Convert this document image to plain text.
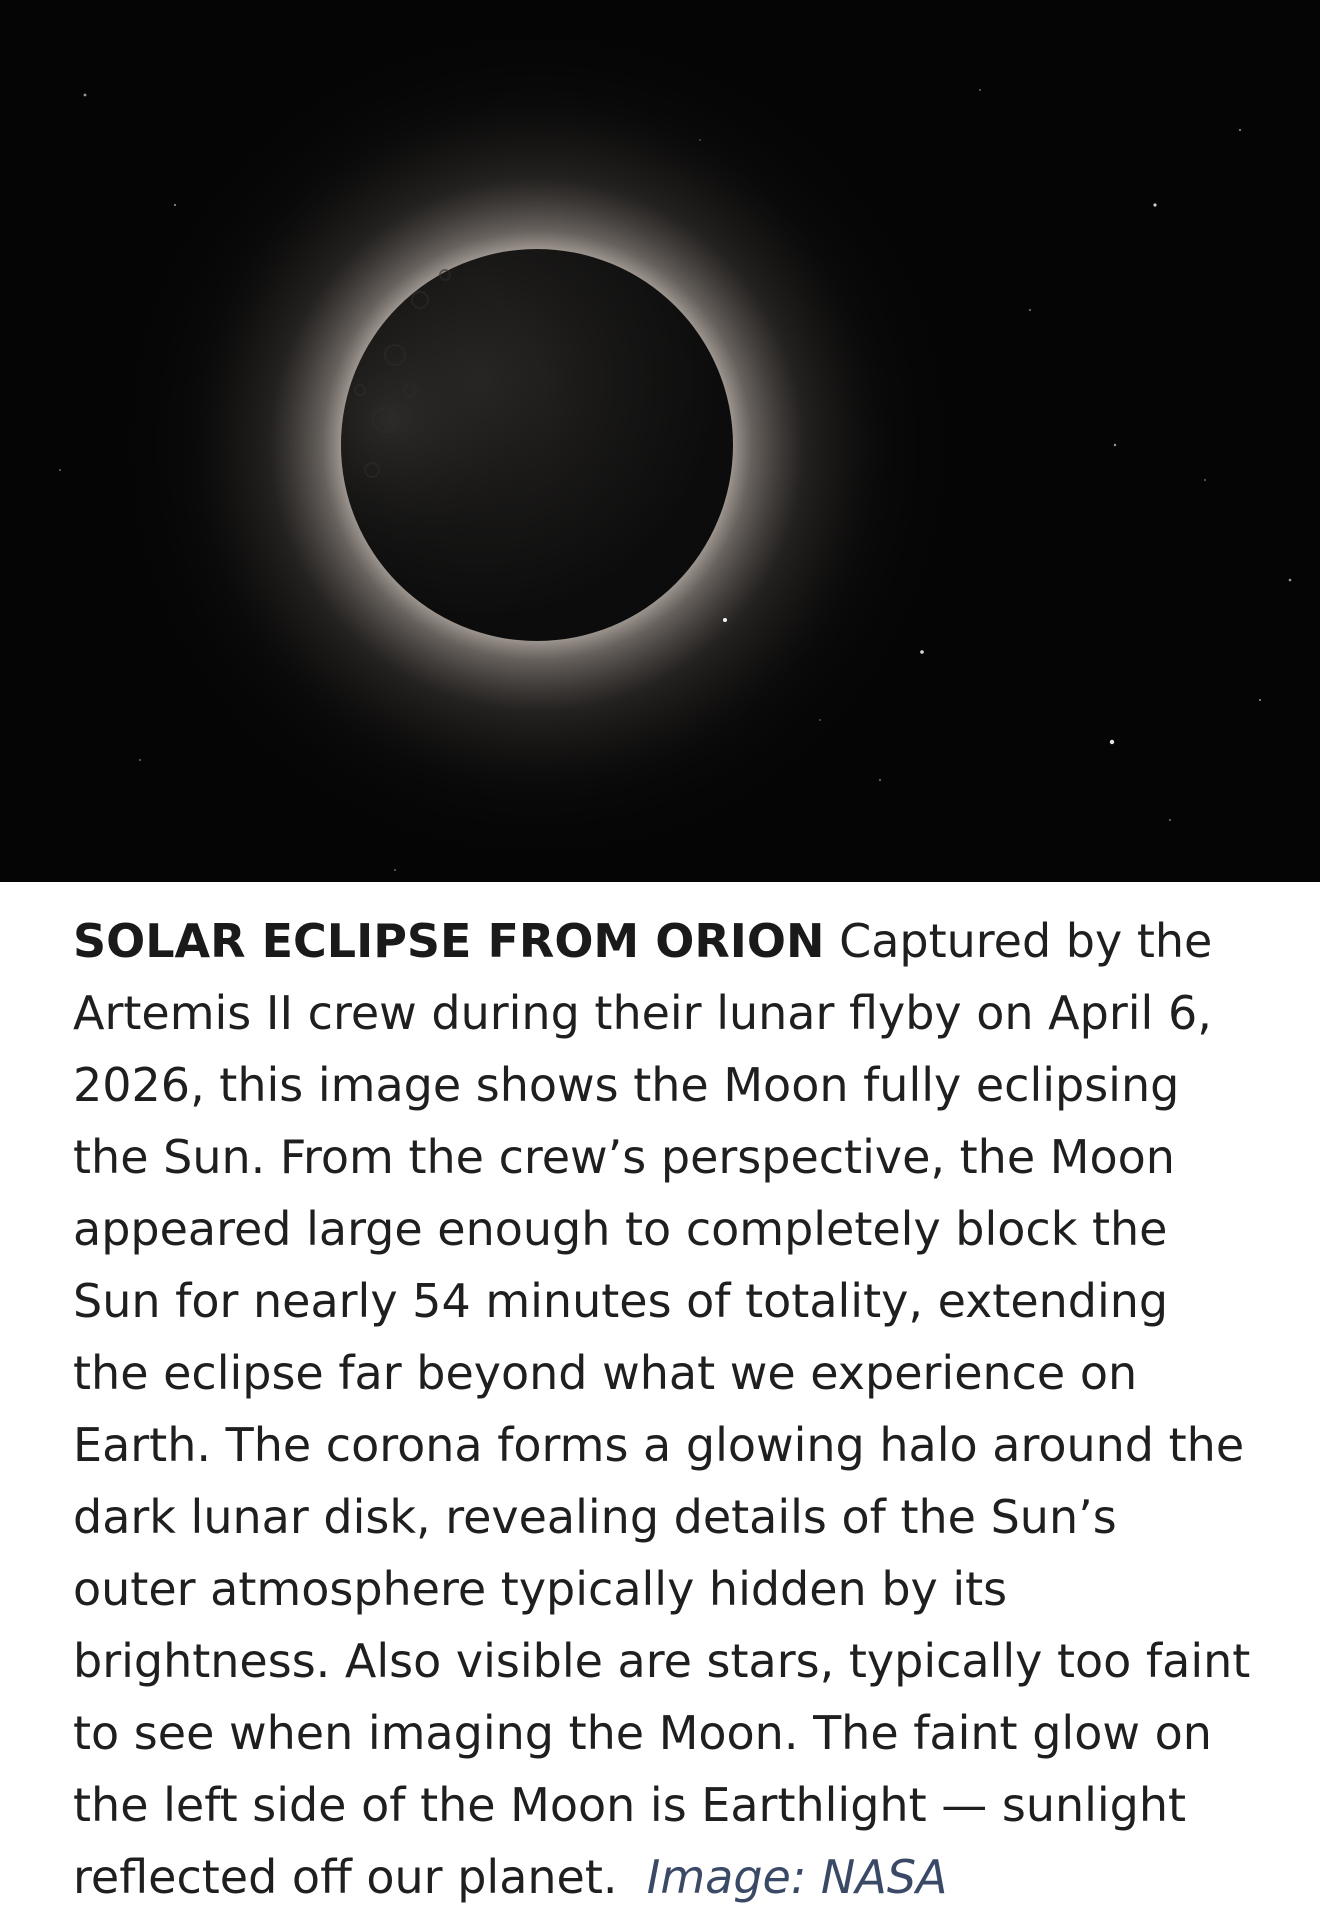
SOLAR ECLIPSE FROM ORION Captured by the Artemis II crew during their lunar flyby on April 6, 2026, this image shows the Moon fully eclipsing the Sun. From the crew’s perspective, the Moon appeared large enough to completely block the Sun for nearly 54 minutes of totality, extending the eclipse far beyond what we experience on Earth. The corona forms a glowing halo around the dark lunar disk, revealing details of the Sun’s outer atmosphere typically hidden by its brightness. Also visible are stars, typically too faint to see when imaging the Moon. The faint glow on the left side of the Moon is Earthlight — sunlight reflected off our planet. Image: NASA
